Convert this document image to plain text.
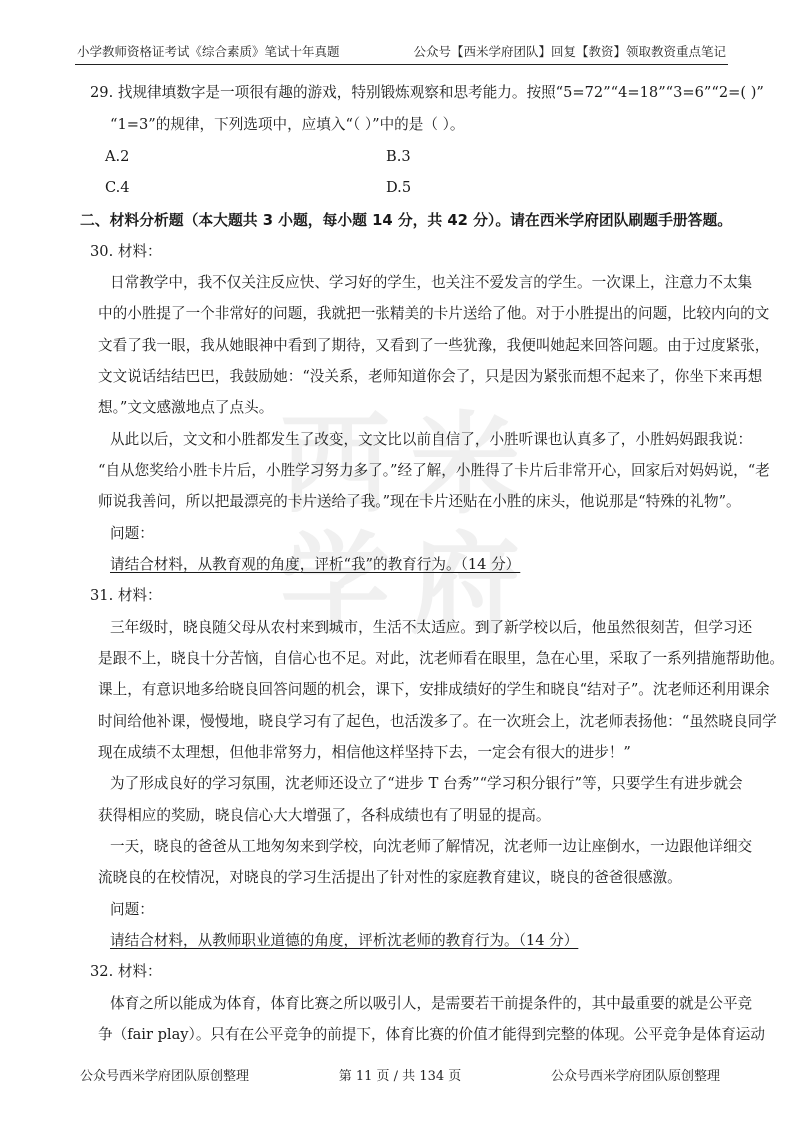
小学教师资格证考试《综合素质》笔试十年真题	公众号【西米学府团队】回复【教资】领取教资重点笔记
西 米
学 府
29. 找规律填数字是一项很有趣的游戏，特别锻炼观察和思考能力。按照“5=72”“4=18”“3=6”“2=( )”
“1=3”的规律，下列选项中，应填入“（ ）”中的是（ ）。
A.2	B.3
C.4	D.5
二、材料分析题（本大题共 3 小题，每小题 14 分，共 42 分）。请在西米学府团队刷题手册答题。
30. 材料：
日常教学中，我不仅关注反应快、学习好的学生，也关注不爱发言的学生。一次课上，注意力不太集
中的小胜提了一个非常好的问题，我就把一张精美的卡片送给了他。对于小胜提出的问题，比较内向的文
文看了我一眼，我从她眼神中看到了期待，又看到了一些犹豫，我便叫她起来回答问题。由于过度紧张，
文文说话结结巴巴，我鼓励她：“没关系，老师知道你会了，只是因为紧张而想不起来了，你坐下来再想
想。”文文感激地点了点头。
从此以后，文文和小胜都发生了改变，文文比以前自信了，小胜听课也认真多了，小胜妈妈跟我说：
“自从您奖给小胜卡片后，小胜学习努力多了。”经了解，小胜得了卡片后非常开心，回家后对妈妈说，“老
师说我善问，所以把最漂亮的卡片送给了我。”现在卡片还贴在小胜的床头，他说那是“特殊的礼物”。
问题：
请结合材料，从教育观的角度，评析“我”的教育行为。（14 分）
31. 材料：
三年级时，晓良随父母从农村来到城市，生活不太适应。到了新学校以后，他虽然很刻苦，但学习还
是跟不上，晓良十分苦恼，自信心也不足。对此，沈老师看在眼里，急在心里，采取了一系列措施帮助他。
课上，有意识地多给晓良回答问题的机会，课下，安排成绩好的学生和晓良“结对子”。沈老师还利用课余
时间给他补课，慢慢地，晓良学习有了起色，也活泼多了。在一次班会上，沈老师表扬他：“虽然晓良同学
现在成绩不太理想，但他非常努力，相信他这样坚持下去，一定会有很大的进步！”
为了形成良好的学习氛围，沈老师还设立了“进步 T 台秀”“学习积分银行”等，只要学生有进步就会
获得相应的奖励，晓良信心大大增强了，各科成绩也有了明显的提高。
一天，晓良的爸爸从工地匆匆来到学校，向沈老师了解情况，沈老师一边让座倒水，一边跟他详细交
流晓良的在校情况，对晓良的学习生活提出了针对性的家庭教育建议，晓良的爸爸很感激。
问题：
请结合材料，从教师职业道德的角度，评析沈老师的教育行为。（14 分）
32. 材料：
体育之所以能成为体育，体育比赛之所以吸引人，是需要若干前提条件的，其中最重要的就是公平竞
争（fair play）。只有在公平竞争的前提下，体育比赛的价值才能得到完整的体现。公平竞争是体育运动
公众号西米学府团队原创整理	第 11 页 / 共 134 页	公众号西米学府团队原创整理
